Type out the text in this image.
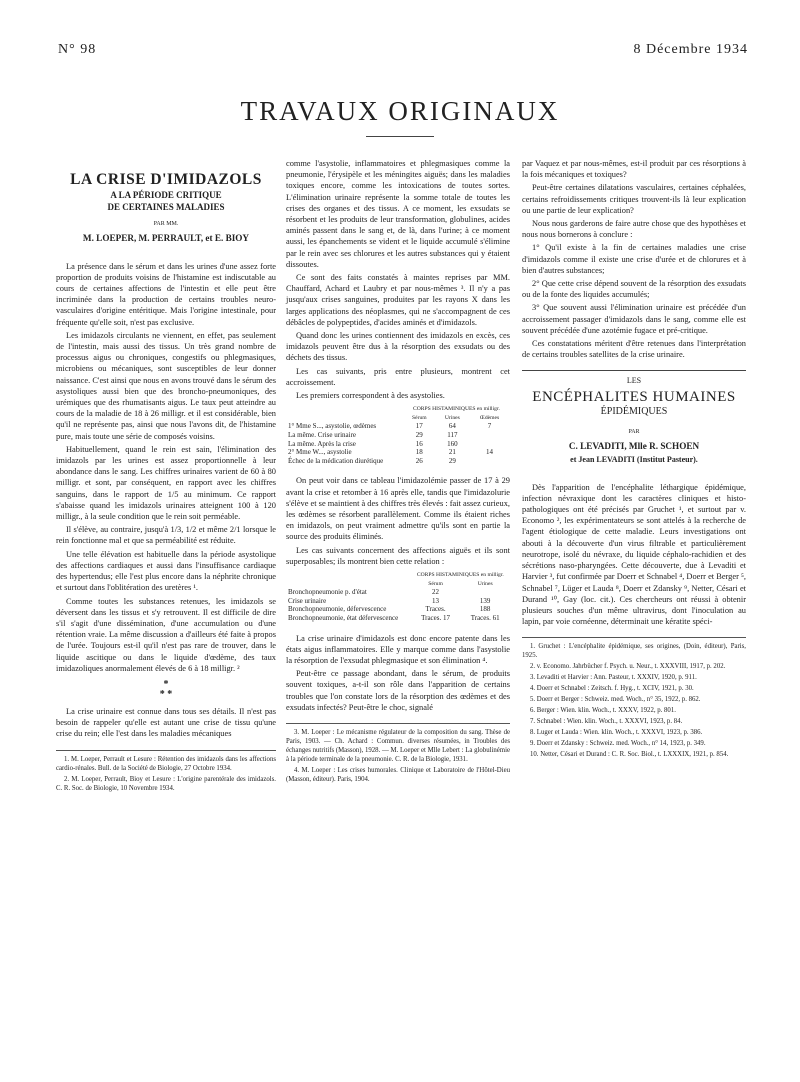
N° 98	8 Décembre 1934
TRAVAUX ORIGINAUX
LA CRISE D'IMIDAZOLS
A LA PÉRIODE CRITIQUE
DE CERTAINES MALADIES
PAR MM.
M. LOEPER, M. PERRAULT, et E. BIOY

La présence dans le sérum et dans les urines d'une assez forte proportion de produits voisins de l'histamine est indiscutable au cours de certaines affections de l'intestin et elle peut être incriminée dans la production de certains troubles neuro-vasculaires d'origine entéritique. Mais l'origine intestinale, pour fréquente qu'elle soit, n'est pas exclusive.

Les imidazols circulants ne viennent, en effet, pas seulement de l'intestin, mais aussi des tissus. Un très grand nombre de processus aigus ou chroniques, congestifs ou phlegmasiques, microbiens ou mécaniques, sont susceptibles de leur donner naissance. C'est ainsi que nous en avons trouvé dans le sérum des asystoliques aussi bien que des broncho-pneumoniques, des urémiques que des rhumatisants aigus. Le taux peut atteindre au cours de la maladie de 18 à 26 milligr. et il est considérable, bien qu'il ne représente pas, ainsi que nous l'avons dit, de l'histamine pure, mais toute une série de composés voisins.

Habituellement, quand le rein est sain, l'élimination des imidazols par les urines est assez proportionnelle à leur abondance dans le sang. Les chiffres urinaires varient de 60 à 80 milligr. et sont, par conséquent, en rapport avec les chiffres sanguins, dans le rapport de 1/5 au minimum. Ce rapport s'abaisse quand les imidazols urinaires atteignent 100 à 120 milligr., à la seule condition que le rein soit perméable.

Il s'élève, au contraire, jusqu'à 1/3, 1/2 et même 2/1 lorsque le rein fonctionne mal et que sa perméabilité est réduite.

Une telle élévation est habituelle dans la période asystolique des affections cardiaques et aussi dans l'insuffisance cardiaque des hypertendus; elle l'est plus encore dans la néphrite chronique et surtout dans l'oblitération des uretères ¹.

Comme toutes les substances retenues, les imidazols se déversent dans les tissus et s'y retrouvent. Il est difficile de dire s'il s'agit d'une dissémination, d'une accumulation ou d'une rétention vraie. La même discussion a d'ailleurs été faite à propos de l'urée. Toujours est-il qu'il n'est pas rare de trouver, dans le liquide ascitique ou dans le liquide d'œdème, des taux imidazoliques anormalement élevés de 6 à 18 milligr. ²

*
* *

La crise urinaire est connue dans tous ses détails. Il n'est pas besoin de rappeler qu'elle est autant une crise de tissu qu'une crise du rein; elle l'est dans les maladies mécaniques

1. M. Loeper, Perrault et Lesure : Rétention des imidazols dans les affections cardio-rénales. Bull. de la Société de Biologie, 27 Octobre 1934.
2. M. Loeper, Perrault, Bioy et Lesure : L'origine parentérale des imidazols. C. R. Soc. de Biologie, 10 Novembre 1934.

comme l'asystolie, inflammatoires et phlegmasiques comme la pneumonie, l'érysipèle et les méningites aiguës; dans les maladies toxiques encore, comme les intoxications de toutes sortes. L'élimination urinaire représente la somme totale de toutes les crises des organes et des tissus. A ce moment, les exsudats se résorbent et les produits de leur transformation, globulines, acides aminés passent dans le sang et, de là, dans l'urine; à ce moment aussi, les épanchements se vident et le liquide accumulé s'élimine par le rein avec ses chlorures et les autres substances qui y étaient dissoutes.

Ce sont des faits constatés à maintes reprises par MM. Chauffard, Achard et Laubry et par nous-mêmes ³. Il n'y a pas jusqu'aux crises sanguines, produites par les rayons X dans les larges applications des néoplasmes, qui ne s'accompagnent de ces débâcles de polypeptides, d'acides aminés et d'imidazols.

Quand donc les urines contiennent des imidazols en excès, ces imidazols peuvent être dus à la résorption des exsudats ou des déchets des tissus.

Les cas suivants, pris entre plusieurs, montrent cet accroissement.

Les premiers correspondent à des asystolies.

	CORPS HISTAMINIQUES en milligr.		
	Sérum	Urines	Œdèmes
1° Mme S..., asystolie, œdèmes	17	64	7
La même. Crise urinaire	29	117	
La même. Après la crise	16	160	
2° Mme W..., asystolie	18	21	14
Échec de la médication diurétique	26	29	

On peut voir dans ce tableau l'imidazolémie passer de 17 à 29 avant la crise et retomber à 16 après elle, tandis que l'imidazolurie s'élève et se maintient à des chiffres très élevés : fait assez curieux, les œdèmes se résorbent parallèlement. Comme ils étaient riches en imidazols, on peut vraiment admettre qu'ils sont en partie la source des produits éliminés.

Les cas suivants concernent des affections aiguës et ils sont superposables; ils montrent bien cette relation :

	CORPS HISTAMINIQUES en milligr.	
	Sérum	Urines
Bronchopneumonie p. d'état	22	
Crise urinaire	13	139
Bronchopneumonie, défervescence	Traces.	188
Bronchopneumonie, état défervescence	Traces. 17	Traces. 61

La crise urinaire d'imidazols est donc encore patente dans les états aigus inflammatoires. Elle y marque comme dans l'asystolie la résorption de l'exsudat phlegmasique et son élimination ⁴.

Peut-être ce passage abondant, dans le sérum, de produits souvent toxiques, a-t-il son rôle dans l'apparition de certains troubles que l'on constate lors de la résorption des œdèmes et des exsudats infectés? Peut-être le choc, signalé

3. M. Loeper : Le mécanisme régulateur de la composition du sang. Thèse de Paris, 1903. — Ch. Achard : Commun. diverses résumées, in Troubles des échanges nutritifs (Masson), 1928. — M. Loeper et Mlle Lebert : La globulinémie à la période terminale de la pneumonie. C. R. de la Biologie, 1931.
4. M. Loeper : Les crises humorales. Clinique et Laboratoire de l'Hôtel-Dieu (Masson, éditeur). Paris, 1904.

par Vaquez et par nous-mêmes, est-il produit par ces résorptions à la fois mécaniques et toxiques?

Peut-être certaines dilatations vasculaires, certaines céphalées, certains refroidissements critiques trouvent-ils là leur explication ou une partie de leur explication?

Nous nous garderons de faire autre chose que des hypothèses et nous nous bornerons à conclure :

1° Qu'il existe à la fin de certaines maladies une crise d'imidazols comme il existe une crise d'urée et de chlorures et à bien d'autres substances;

2° Que cette crise dépend souvent de la résorption des exsudats ou de la fonte des liquides accumulés;

3° Que souvent aussi l'élimination urinaire est précédée d'un accroissement passager d'imidazols dans le sang, comme elle est souvent précédée d'une azotémie fugace et pré-critique.

Ces constatations méritent d'être retenues dans l'interprétation de certains troubles satellites de la crise urinaire.

LES
ENCÉPHALITES HUMAINES
ÉPIDÉMIQUES
PAR
C. LEVADITI, Mlle R. SCHOEN
et Jean LEVADITI (Institut Pasteur).

Dès l'apparition de l'encéphalite léthargique épidémique, infection névraxique dont les caractères cliniques et histo-pathologiques ont été précisés par Gruchet ¹, et surtout par v. Economo ², les expérimentateurs se sont attelés à la recherche de l'agent étiologique de cette maladie. Leurs investigations ont abouti à la découverte d'un virus filtrable et particulièrement neurotrope, isolé du névraxe, du liquide céphalo-rachidien et des sécrétions naso-pharyngées. Cette découverte, due à Levaditi et Harvier ³, fut confirmée par Doerr et Schnabel ⁴, Doerr et Berger ⁵, Schnabel ⁷, Lüger et Lauda ⁸, Doerr et Zdansky ⁹, Netter, Césari et Durand ¹⁰, Gay (loc. cit.). Ces chercheurs ont réussi à obtenir plusieurs souches d'un même ultravirus, dont l'inoculation au lapin, par voie cornéenne, déterminait une kératite spéci-

1. Gruchet : L'encéphalite épidémique, ses origines, (Doin, éditeur), Paris, 1925.
2. v. Economo. Jahrbücher f. Psych. u. Neur., t. XXXVIII, 1917, p. 202.
3. Levaditi et Harvier : Ann. Pasteur, t. XXXIV, 1920, p. 911.
4. Doerr et Schnabel : Zeitsch. f. Hyg., t. XCIV, 1921, p. 30.
5. Doerr et Berger : Schweiz. med. Woch., n° 35, 1922, p. 862.
6. Berger : Wien. klin. Woch., t. XXXV, 1922, p. 801.
7. Schnabel : Wien. klin. Woch., t. XXXVI, 1923, p. 84.
8. Luger et Lauda : Wien. klin. Woch., t. XXXVI, 1923, p. 386.
9. Doerr et Zdansky : Schweiz. med. Woch., n° 14, 1923, p. 349.
10. Netter, Césari et Durand : C. R. Soc. Biol., t. LXXXIX, 1921, p. 854.
